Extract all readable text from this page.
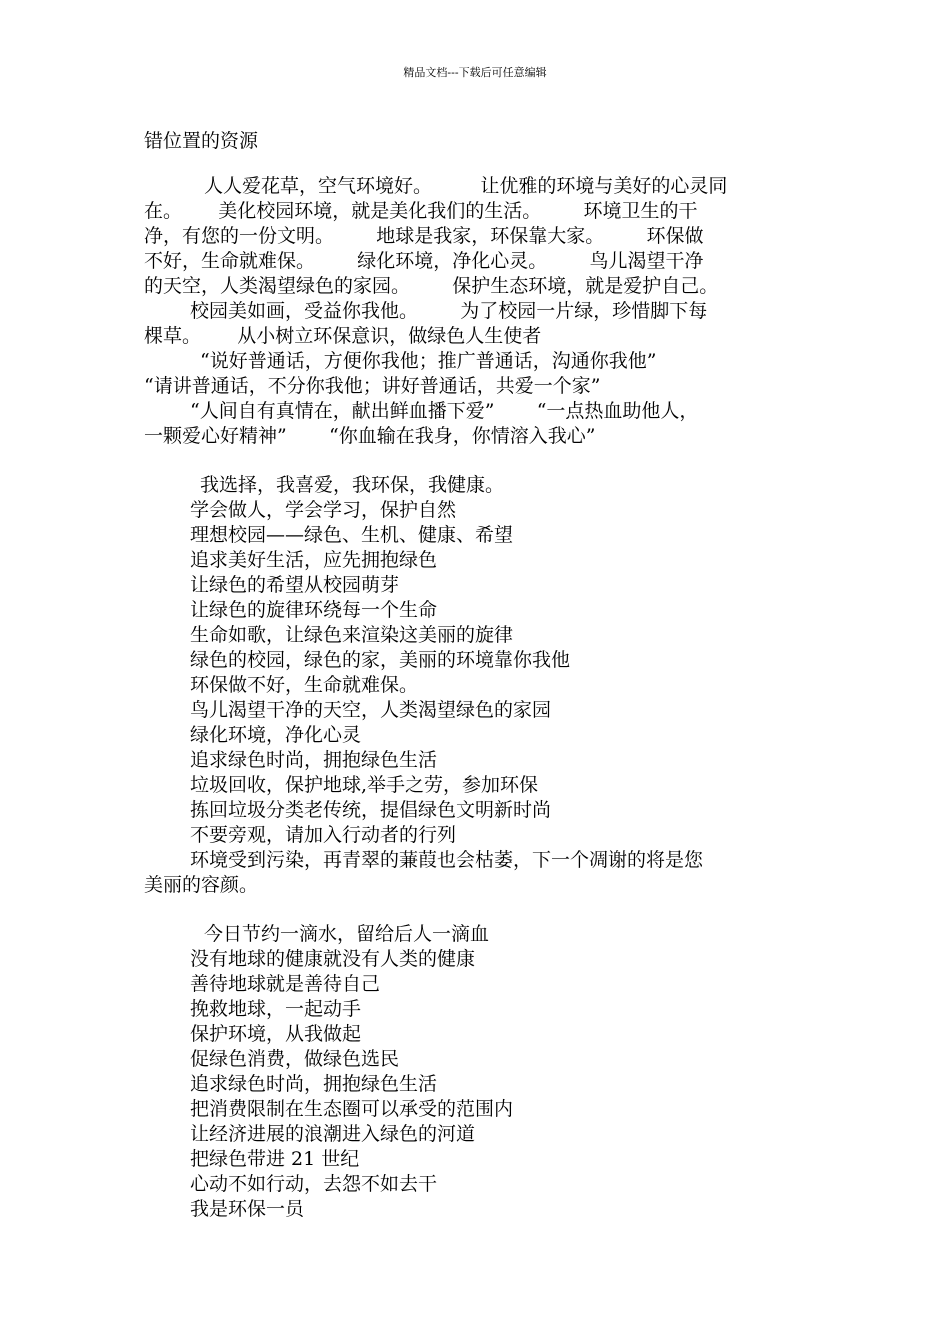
精品文档---下载后可任意编辑
错位置的资源
人人爱花草，空气环境好。        让优雅的环境与美好的心灵同
在。      美化校园环境，就是美化我们的生活。       环境卫生的干
净，有您的一份文明。       地球是我家，环保靠大家。       环保做
不好，生命就难保。       绿化环境，净化心灵。       鸟儿渴望干净
的天空，人类渴望绿色的家园。       保护生态环境，就是爱护自己。
校园美如画，受益你我他。       为了校园一片绿，珍惜脚下每
棵草。      从小树立环保意识，做绿色人生使者
“说好普通话，方便你我他；推广普通话，沟通你我他”
“请讲普通话，不分你我他；讲好普通话，共爱一个家”
“人间自有真情在，献出鲜血播下爱”       “一点热血助他人，
一颗爱心好精神”       “你血输在我身，你情溶入我心”
我选择，我喜爱，我环保，我健康。
学会做人，学会学习，保护自然
理想校园——绿色、生机、健康、希望
追求美好生活，应先拥抱绿色
让绿色的希望从校园萌芽
让绿色的旋律环绕每一个生命
生命如歌，让绿色来渲染这美丽的旋律
绿色的校园，绿色的家，美丽的环境靠你我他
环保做不好，生命就难保。
鸟儿渴望干净的天空，人类渴望绿色的家园
绿化环境，净化心灵
追求绿色时尚，拥抱绿色生活
垃圾回收，保护地球,举手之劳，参加环保
拣回垃圾分类老传统，提倡绿色文明新时尚
不要旁观，请加入行动者的行列
环境受到污染，再青翠的蒹葭也会枯萎，下一个凋谢的将是您
美丽的容颜。
今日节约一滴水，留给后人一滴血
没有地球的健康就没有人类的健康
善待地球就是善待自己
挽救地球，一起动手
保护环境，从我做起
促绿色消费，做绿色选民
追求绿色时尚，拥抱绿色生活
把消费限制在生态圈可以承受的范围内
让经济进展的浪潮进入绿色的河道
把绿色带进 21 世纪
心动不如行动，去怨不如去干
我是环保一员
